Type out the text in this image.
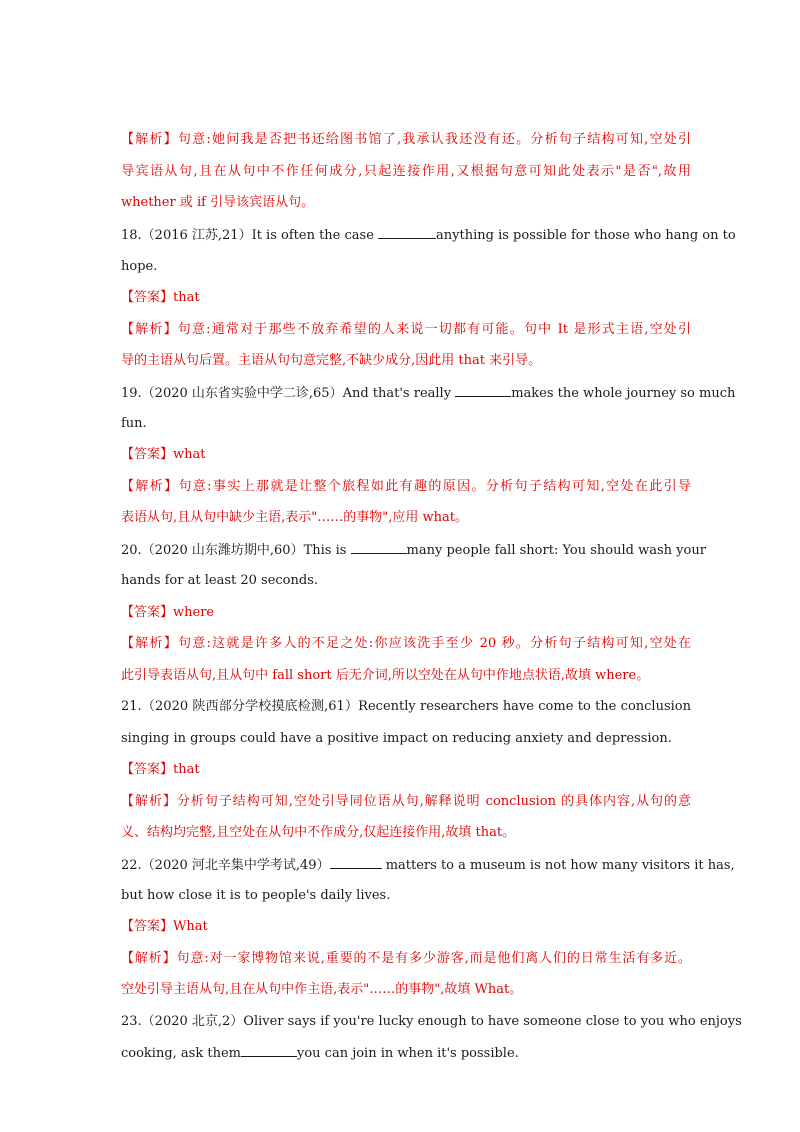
【解析】句意:她问我是否把书还给图书馆了,我承认我还没有还。分析句子结构可知,空处引
导宾语从句,且在从句中不作任何成分,只起连接作用,又根据句意可知此处表示"是否",故用
whether 或 if 引导该宾语从句。
18.（2016 江苏,21）It is often the case	anything is possible for those who hang on to
hope.
【答案】that
【解析】句意:通常对于那些不放弃希望的人来说一切都有可能。句中 It 是形式主语,空处引
导的主语从句后置。主语从句句意完整,不缺少成分,因此用 that 来引导。
19.（2020 山东省实验中学二诊,65）And that's really	makes the whole journey so much
fun.
【答案】what
【解析】句意:事实上那就是让整个旅程如此有趣的原因。分析句子结构可知,空处在此引导
表语从句,且从句中缺少主语,表示"……的事物",应用 what。
20.（2020 山东潍坊期中,60）This is	many people fall short: You should wash your
hands for at least 20 seconds.
【答案】where
【解析】句意:这就是许多人的不足之处:你应该洗手至少 20 秒。分析句子结构可知,空处在
此引导表语从句,且从句中 fall short 后无介词,所以空处在从句中作地点状语,故填 where。
21.（2020 陕西部分学校摸底检测,61）Recently researchers have come to the conclusion
singing in groups could have a positive impact on reducing anxiety and depression.
【答案】that
【解析】分析句子结构可知,空处引导同位语从句,解释说明 conclusion 的具体内容,从句的意
义、结构均完整,且空处在从句中不作成分,仅起连接作用,故填 that。
22.（2020 河北辛集中学考试,49）	matters to a museum is not how many visitors it has,
but how close it is to people's daily lives.
【答案】What
【解析】句意:对一家博物馆来说,重要的不是有多少游客,而是他们离人们的日常生活有多近。
空处引导主语从句,且在从句中作主语,表示"……的事物",故填 What。
23.（2020 北京,2）Oliver says if you're lucky enough to have someone close to you who enjoys
cooking, ask them	you can join in when it's possible.
